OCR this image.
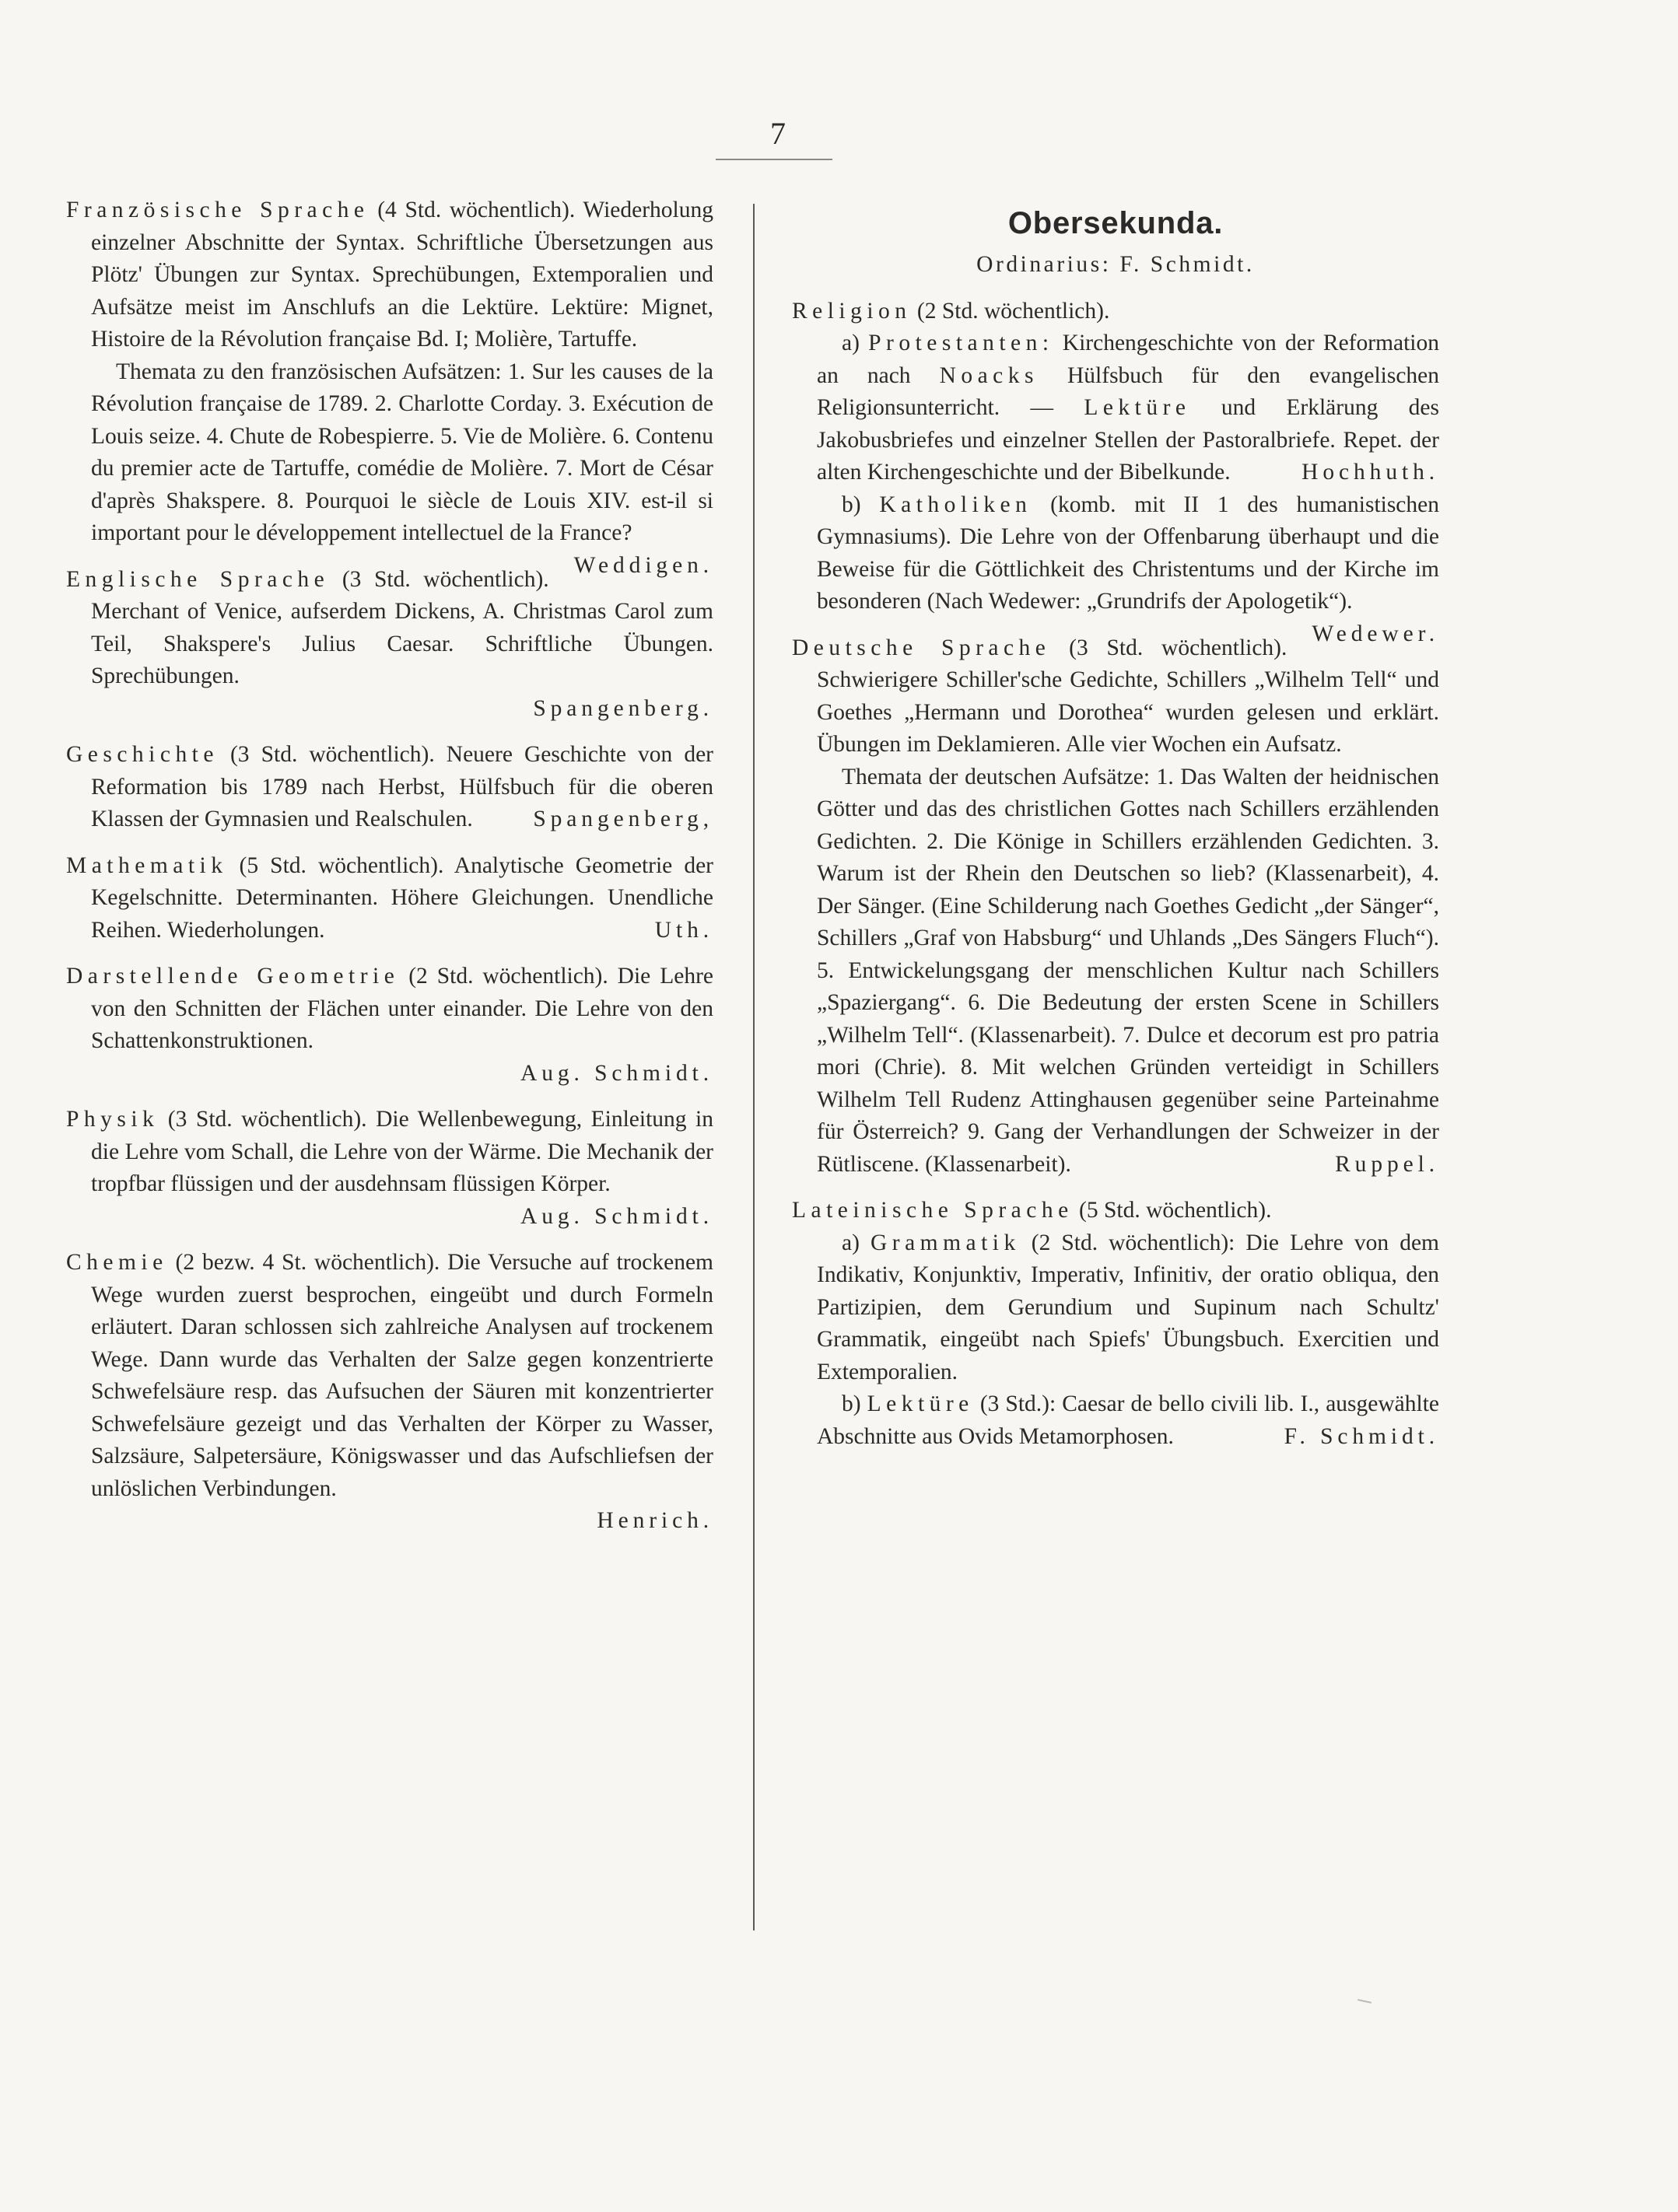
7

Französische Sprache (4 Std. wöchentlich). Wiederholung einzelner Abschnitte der Syntax. Schriftliche Übersetzungen aus Plötz' Übungen zur Syntax. Sprechübungen, Extemporalien und Aufsätze meist im Anschlufs an die Lektüre. Lektüre: Mignet, Histoire de la Révolution française Bd. I; Molière, Tartuffe.

Themata zu den französischen Aufsätzen: 1. Sur les causes de la Révolution française de 1789. 2. Charlotte Corday. 3. Exécution de Louis seize. 4. Chute de Robespierre. 5. Vie de Molière. 6. Contenu du premier acte de Tartuffe, comédie de Molière. 7. Mort de César d'après Shakspere. 8. Pourquoi le siècle de Louis XIV. est-il si important pour le développement intellectuel de la France?
Weddigen.

Englische Sprache (3 Std. wöchentlich). Merchant of Venice, aufserdem Dickens, A. Christmas Carol zum Teil, Shakspere's Julius Caesar. Schriftliche Übungen. Sprechübungen.

Spangenberg.

Geschichte (3 Std. wöchentlich). Neuere Geschichte von der Reformation bis 1789 nach Herbst, Hülfsbuch für die oberen Klassen der Gymnasien und Realschulen.	Spangenberg,

Mathematik (5 Std. wöchentlich). Analytische Geometrie der Kegelschnitte. Determinanten. Höhere Gleichungen. Unendliche Reihen. Wiederholungen.	Uth.

Darstellende Geometrie (2 Std. wöchentlich). Die Lehre von den Schnitten der Flächen unter einander. Die Lehre von den Schattenkonstruktionen.

Aug. Schmidt.

Physik (3 Std. wöchentlich). Die Wellenbewegung, Einleitung in die Lehre vom Schall, die Lehre von der Wärme. Die Mechanik der tropfbar flüssigen und der ausdehnsam flüssigen Körper.

Aug. Schmidt.

Chemie (2 bezw. 4 St. wöchentlich). Die Versuche auf trockenem Wege wurden zuerst besprochen, eingeübt und durch Formeln erläutert. Daran schlossen sich zahlreiche Analysen auf trockenem Wege. Dann wurde das Verhalten der Salze gegen konzentrierte Schwefelsäure resp. das Aufsuchen der Säuren mit konzentrierter Schwefelsäure gezeigt und das Verhalten der Körper zu Wasser, Salzsäure, Salpetersäure, Königswasser und das Aufschliefsen der unlöslichen Verbindungen.

Henrich.

Obersekunda.
Ordinarius: F. Schmidt.

Religion (2 Std. wöchentlich).

a) Protestanten: Kirchengeschichte von der Reformation an nach Noacks Hülfsbuch für den evangelischen Religionsunterricht. — Lektüre und Erklärung des Jakobusbriefes und einzelner Stellen der Pastoralbriefe. Repet. der alten Kirchengeschichte und der Bibelkunde.	Hochhuth.

b) Katholiken (komb. mit II 1 des humanistischen Gymnasiums). Die Lehre von der Offenbarung überhaupt und die Beweise für die Göttlichkeit des Christentums und der Kirche im besonderen (Nach Wedewer: „Grundrifs der Apologetik“).
Wedewer.

Deutsche Sprache (3 Std. wöchentlich). Schwierigere Schiller'sche Gedichte, Schillers „Wilhelm Tell“ und Goethes „Hermann und Dorothea“ wurden gelesen und erklärt. Übungen im Deklamieren. Alle vier Wochen ein Aufsatz.

Themata der deutschen Aufsätze: 1. Das Walten der heidnischen Götter und das des christlichen Gottes nach Schillers erzählenden Gedichten. 2. Die Könige in Schillers erzählenden Gedichten. 3. Warum ist der Rhein den Deutschen so lieb? (Klassenarbeit), 4. Der Sänger. (Eine Schilderung nach Goethes Gedicht „der Sänger“, Schillers „Graf von Habsburg“ und Uhlands „Des Sängers Fluch“). 5. Entwickelungsgang der menschlichen Kultur nach Schillers „Spaziergang“. 6. Die Bedeutung der ersten Scene in Schillers „Wilhelm Tell“. (Klassenarbeit). 7. Dulce et decorum est pro patria mori (Chrie). 8. Mit welchen Gründen verteidigt in Schillers Wilhelm Tell Rudenz Attinghausen gegenüber seine Parteinahme für Österreich? 9. Gang der Verhandlungen der Schweizer in der Rütliscene. (Klassenarbeit).	Ruppel.

Lateinische Sprache (5 Std. wöchentlich).

a) Grammatik (2 Std. wöchentlich): Die Lehre von dem Indikativ, Konjunktiv, Imperativ, Infinitiv, der oratio obliqua, den Partizipien, dem Gerundium und Supinum nach Schultz' Grammatik, eingeübt nach Spiefs' Übungsbuch. Exercitien und Extemporalien.

b) Lektüre (3 Std.): Caesar de bello civili lib. I., ausgewählte Abschnitte aus Ovids Metamorphosen.	F. Schmidt.
